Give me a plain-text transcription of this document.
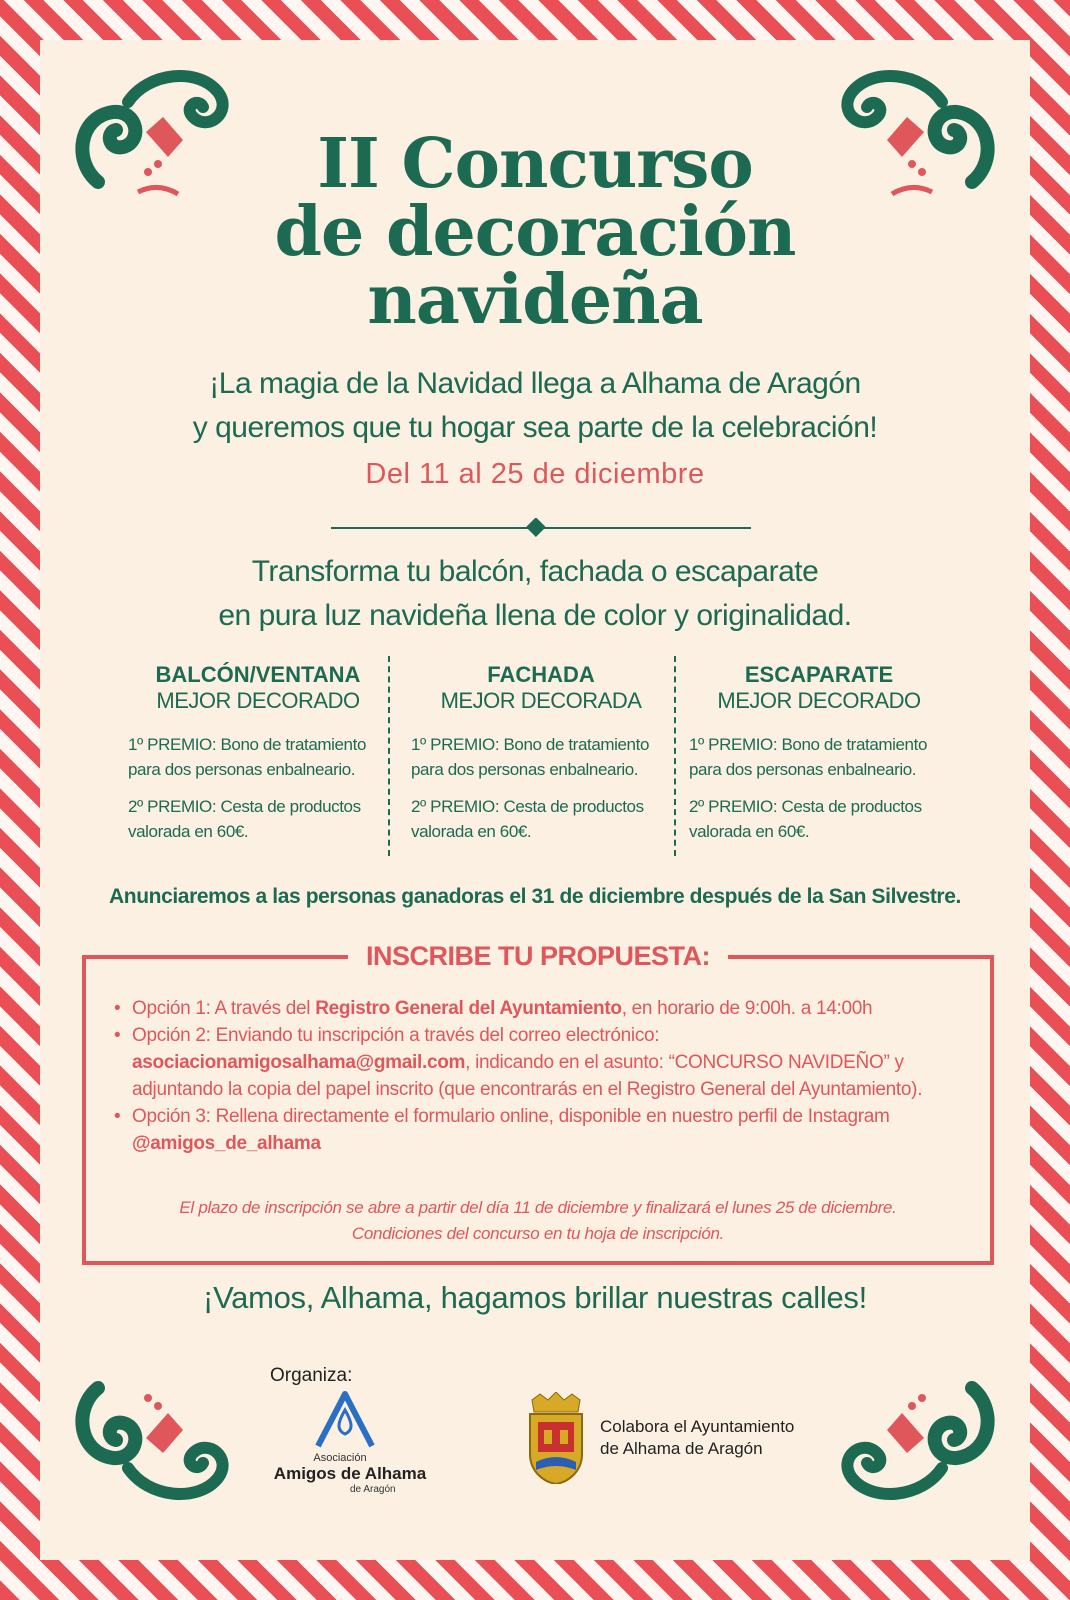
II Concurso
de decoración
navideña
¡La magia de la Navidad llega a Alhama de Aragón
y queremos que tu hogar sea parte de la celebración!
Del 11 al 25 de diciembre
Transforma tu balcón, fachada o escaparate
en pura luz navideña llena de color y originalidad.
BALCÓN/VENTANA
MEJOR DECORADO

1º PREMIO: Bono de tratamiento para dos personas enbalneario.

2º PREMIO: Cesta de productos valorada en 60€.

FACHADA
MEJOR DECORADA

1º PREMIO: Bono de tratamiento para dos personas enbalneario.

2º PREMIO: Cesta de productos valorada en 60€.

ESCAPARATE
MEJOR DECORADO

1º PREMIO: Bono de tratamiento para dos personas enbalneario.

2º PREMIO: Cesta de productos valorada en 60€.

Anunciaremos a las personas ganadoras el 31 de diciembre después de la San Silvestre.
INSCRIBE TU PROPUESTA:
• Opción 1: A través del Registro General del Ayuntamiento, en horario de 9:00h. a 14:00h
• Opción 2: Enviando tu inscripción a través del correo electrónico: asociacionamigosalhama@gmail.com, indicando en el asunto: “CONCURSO NAVIDEÑO” y adjuntando la copia del papel inscrito (que encontrarás en el Registro General del Ayuntamiento).
• Opción 3: Rellena directamente el formulario online, disponible en nuestro perfil de Instagram @amigos_de_alhama
El plazo de inscripción se abre a partir del día 11 de diciembre y finalizará el lunes 25 de diciembre.
Condiciones del concurso en tu hoja de inscripción.
¡Vamos, Alhama, hagamos brillar nuestras calles!
Organiza:
Asociación
Amigos de Alhama
de Aragón
Colabora el Ayuntamiento
de Alhama de Aragón
